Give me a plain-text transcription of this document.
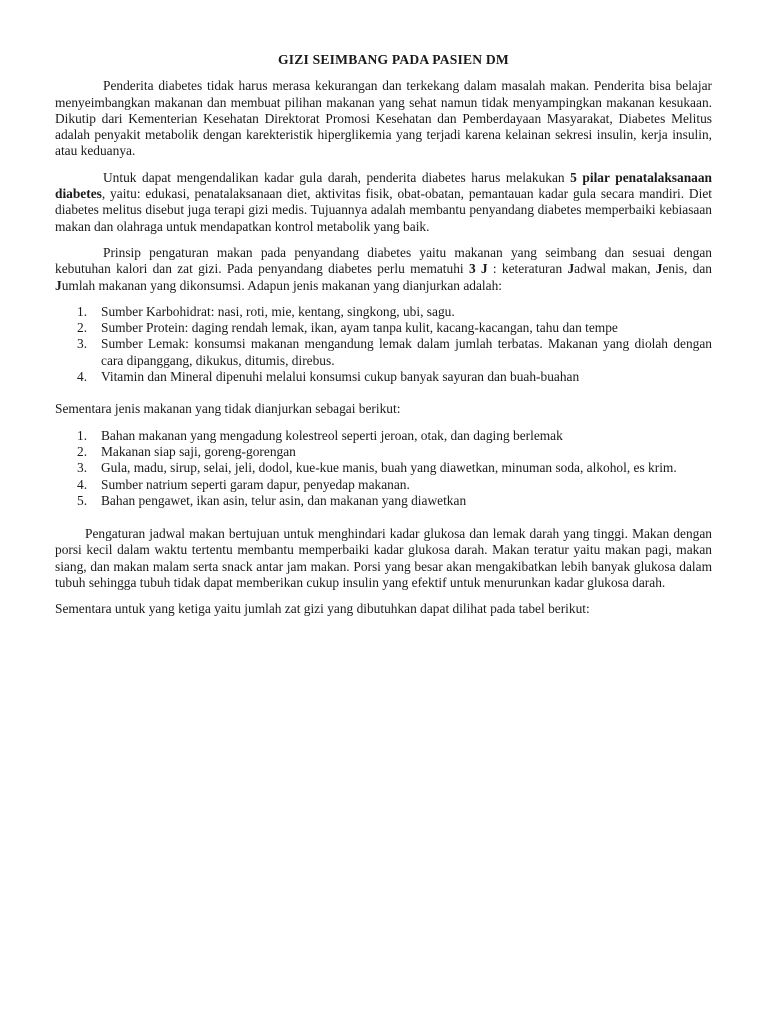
GIZI SEIMBANG PADA PASIEN DM

Penderita diabetes tidak harus merasa kekurangan dan terkekang dalam masalah makan. Penderita bisa belajar menyeimbangkan makanan dan membuat pilihan makanan yang sehat namun tidak menyampingkan makanan kesukaan. Dikutip dari Kementerian Kesehatan Direktorat Promosi Kesehatan dan Pemberdayaan Masyarakat, Diabetes Melitus adalah penyakit metabolik dengan karekteristik hiperglikemia yang terjadi karena kelainan sekresi insulin, kerja insulin, atau keduanya.

Untuk dapat mengendalikan kadar gula darah, penderita diabetes harus melakukan 5 pilar penatalaksanaan diabetes, yaitu: edukasi, penatalaksanaan diet, aktivitas fisik, obat-obatan, pemantauan kadar gula secara mandiri. Diet diabetes melitus disebut juga terapi gizi medis. Tujuannya adalah membantu penyandang diabetes memperbaiki kebiasaan makan dan olahraga untuk mendapatkan kontrol metabolik yang baik.

Prinsip pengaturan makan pada penyandang diabetes yaitu makanan yang seimbang dan sesuai dengan kebutuhan kalori dan zat gizi. Pada penyandang diabetes perlu mematuhi 3 J : keteraturan Jadwal makan, Jenis, dan Jumlah makanan yang dikonsumsi. Adapun jenis makanan yang dianjurkan adalah:

1. Sumber Karbohidrat: nasi, roti, mie, kentang, singkong, ubi, sagu.
2. Sumber Protein: daging rendah lemak, ikan, ayam tanpa kulit, kacang-kacangan, tahu dan tempe
3. Sumber Lemak: konsumsi makanan mengandung lemak dalam jumlah terbatas. Makanan yang diolah dengan cara dipanggang, dikukus, ditumis, direbus.
4. Vitamin dan Mineral dipenuhi melalui konsumsi cukup banyak sayuran dan buah-buahan

Sementara jenis makanan yang tidak dianjurkan sebagai berikut:

1. Bahan makanan yang mengadung kolestreol seperti jeroan, otak, dan daging berlemak
2. Makanan siap saji, goreng-gorengan
3. Gula, madu, sirup, selai, jeli, dodol, kue-kue manis, buah yang diawetkan, minuman soda, alkohol, es krim.
4. Sumber natrium seperti garam dapur, penyedap makanan.
5. Bahan pengawet, ikan asin, telur asin, dan makanan yang diawetkan

Pengaturan jadwal makan bertujuan untuk menghindari kadar glukosa dan lemak darah yang tinggi. Makan dengan porsi kecil dalam waktu tertentu membantu memperbaiki kadar glukosa darah. Makan teratur yaitu makan pagi, makan siang, dan makan malam serta snack antar jam makan. Porsi yang besar akan mengakibatkan lebih banyak glukosa dalam tubuh sehingga tubuh tidak dapat memberikan cukup insulin yang efektif untuk menurunkan kadar glukosa darah.

Sementara untuk yang ketiga yaitu jumlah zat gizi yang dibutuhkan dapat dilihat pada tabel berikut:
